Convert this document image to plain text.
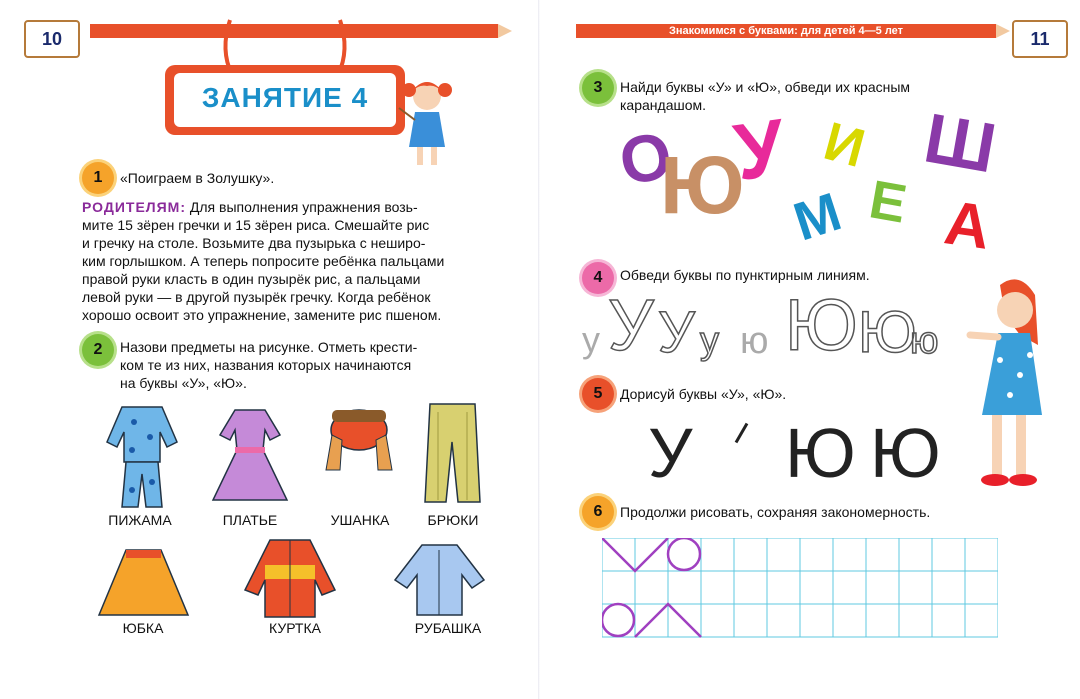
10
ЗАНЯТИЕ 4
1	«Поиграем в Золушку».
РОДИТЕЛЯМ: Для выполнения упражнения возь-
мите 15 зёрен гречки и 15 зёрен риса. Смешайте рис
и гречку на столе. Возьмите два пузырька с неширо-
ким горлышком. А теперь попросите ребёнка пальцами
правой руки класть в один пузырёк рис, а пальцами
левой руки — в другой пузырёк гречку. Когда ребёнок
хорошо освоит это упражнение, замените рис пшеном.
2	Назови предметы на рисунке. Отметь крести-
ком те из них, названия которых начинаются
на буквы «У», «Ю».
ПИЖАМА	ПЛАТЬЕ	УШАНКА	БРЮКИ
ЮБКА	КУРТКА	РУБАШКА
Знакомимся с буквами: для детей 4—5 лет	11
3	Найди буквы «У» и «Ю», обведи их красным
карандашом.
О
Ю
У И Ш
М Е А
4	Обведи буквы по пунктирным линиям.
у У У у ю Ю Ю
ю
5	Дорисуй буквы «У», «Ю».
У Ю Ю
6	Продолжи рисовать, сохраняя закономерность.
